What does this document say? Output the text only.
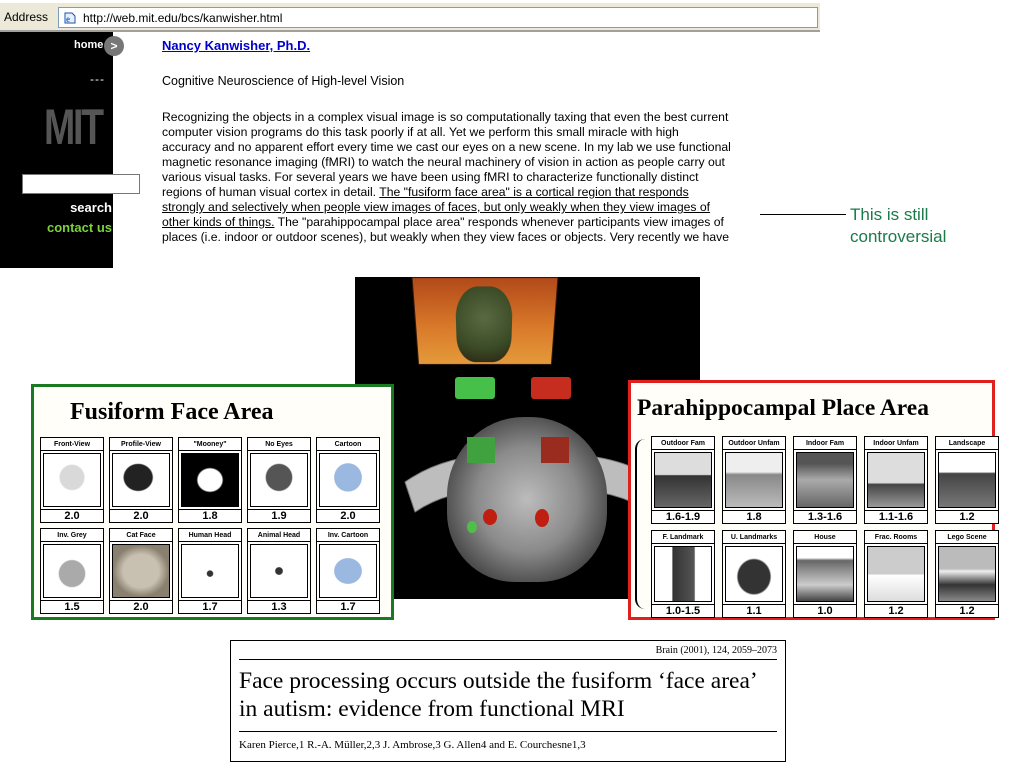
Address e http://web.mit.edu/bcs/kanwisher.html
home >
---
MIT
search
contact us
Nancy Kanwisher, Ph.D.
Cognitive Neuroscience of High-level Vision
Recognizing the objects in a complex visual image is so computationally taxing that even the best current
computer vision programs do this task poorly if at all. Yet we perform this small miracle with high
accuracy and no apparent effort every time we cast our eyes on a new scene. In my lab we use functional
magnetic resonance imaging (fMRI) to watch the neural machinery of vision in action as people carry out
various visual tasks. For several years we have been using fMRI to characterize functionally distinct
regions of human visual cortex in detail. The "fusiform face area" is a cortical region that responds
strongly and selectively when people view images of faces, but only weakly when they view images of
other kinds of things. The "parahippocampal place area" responds whenever participants view images of
places (i.e. indoor or outdoor scenes), but weakly when they view faces or objects. Very recently we have
This is still
controversial
Fusiform Face Area
Front-View
2.0
Profile-View
2.0
"Mooney"
1.8
No Eyes
1.9
Cartoon
2.0
Inv. Grey
1.5
Cat Face
2.0
Human Head
1.7
Animal Head
1.3
Inv. Cartoon
1.7
Parahippocampal Place Area
Outdoor Fam
1.6-1.9
Outdoor Unfam
1.8
Indoor Fam
1.3-1.6
Indoor Unfam
1.1-1.6
Landscape
1.2
F. Landmark
1.0-1.5
U. Landmarks
1.1
House
1.0
Frac. Rooms
1.2
Lego Scene
1.2
Brain (2001), 124, 2059–2073
Face processing occurs outside the fusiform ‘face area’ in autism: evidence from functional MRI
Karen Pierce,1 R.-A. Müller,2,3 J. Ambrose,3 G. Allen4 and E. Courchesne1,3
